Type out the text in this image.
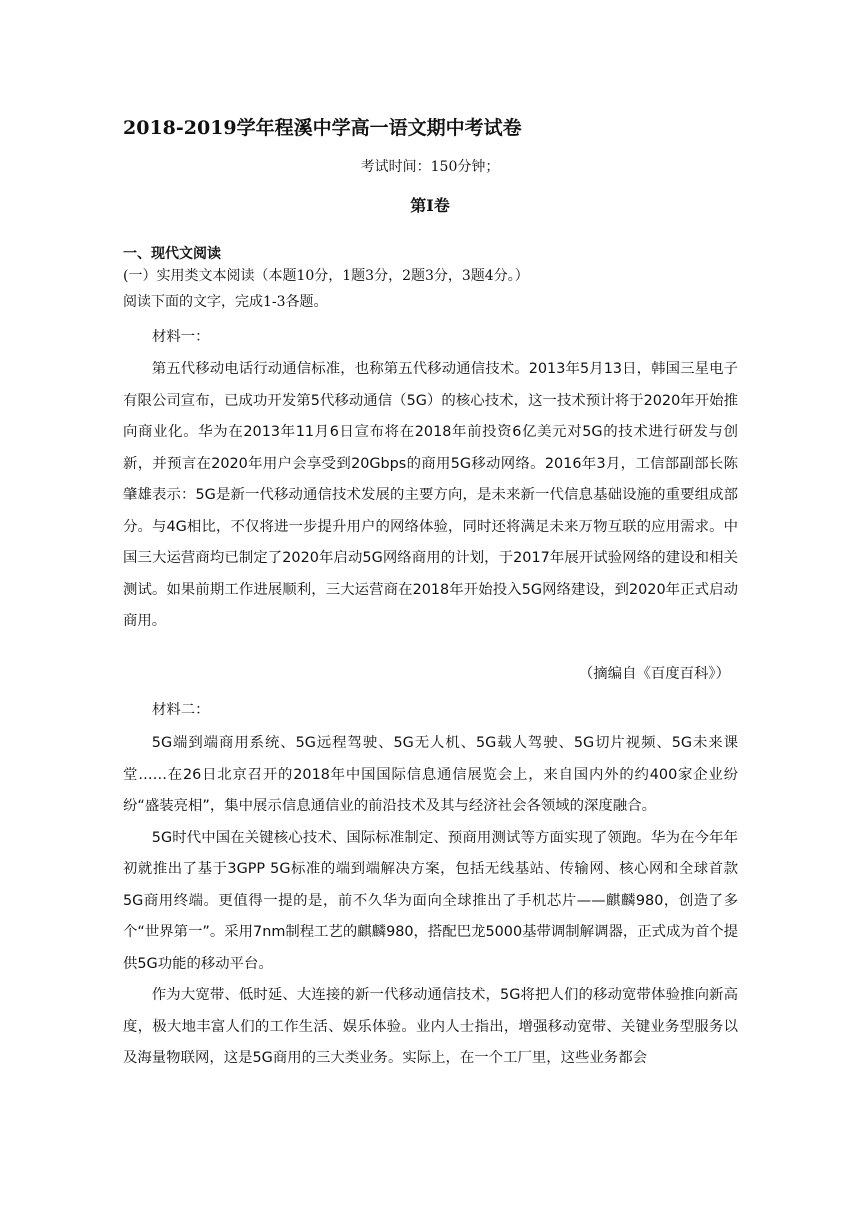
2018-2019学年程溪中学高一语文期中考试卷
考试时间：150分钟；
第Ⅰ卷
一、现代文阅读
(一）实用类文本阅读（本题10分，1题3分，2题3分，3题4分。）
阅读下面的文字，完成1-3各题。
材料一：

第五代移动电话行动通信标准，也称第五代移动通信技术。2013年5月13日，韩国三星电子有限公司宣布，已成功开发第5代移动通信（5G）的核心技术，这一技术预计将于2020年开始推向商业化。华为在2013年11月6日宣布将在2018年前投资6亿美元对5G的技术进行研发与创新，并预言在2020年用户会享受到20Gbps的商用5G移动网络。2016年3月，工信部副部长陈肇雄表示：5G是新一代移动通信技术发展的主要方向，是未来新一代信息基础设施的重要组成部分。与4G相比，不仅将进一步提升用户的网络体验，同时还将满足未来万物互联的应用需求。中国三大运营商均已制定了2020年启动5G网络商用的计划，于2017年展开试验网络的建设和相关测试。如果前期工作进展顺利，三大运营商在2018年开始投入5G网络建设，到2020年正式启动商用。

（摘编自《百度百科》）
材料二：

5G端到端商用系统、5G远程驾驶、5G无人机、5G载人驾驶、5G切片视频、5G未来课堂……在26日北京召开的2018年中国国际信息通信展览会上，来自国内外的约400家企业纷纷“盛装亮相”，集中展示信息通信业的前沿技术及其与经济社会各领域的深度融合。

5G时代中国在关键核心技术、国际标准制定、预商用测试等方面实现了领跑。华为在今年年初就推出了基于3GPP 5G标准的端到端解决方案，包括无线基站、传输网、核心网和全球首款5G商用终端。更值得一提的是，前不久华为面向全球推出了手机芯片——麒麟980，创造了多个“世界第一”。采用7nm制程工艺的麒麟980，搭配巴龙5000基带调制解调器，正式成为首个提供5G功能的移动平台。

作为大宽带、低时延、大连接的新一代移动通信技术，5G将把人们的移动宽带体验推向新高度，极大地丰富人们的工作生活、娱乐体验。业内人士指出，增强移动宽带、关键业务型服务以及海量物联网，这是5G商用的三大类业务。实际上，在一个工厂里，这些业务都会
